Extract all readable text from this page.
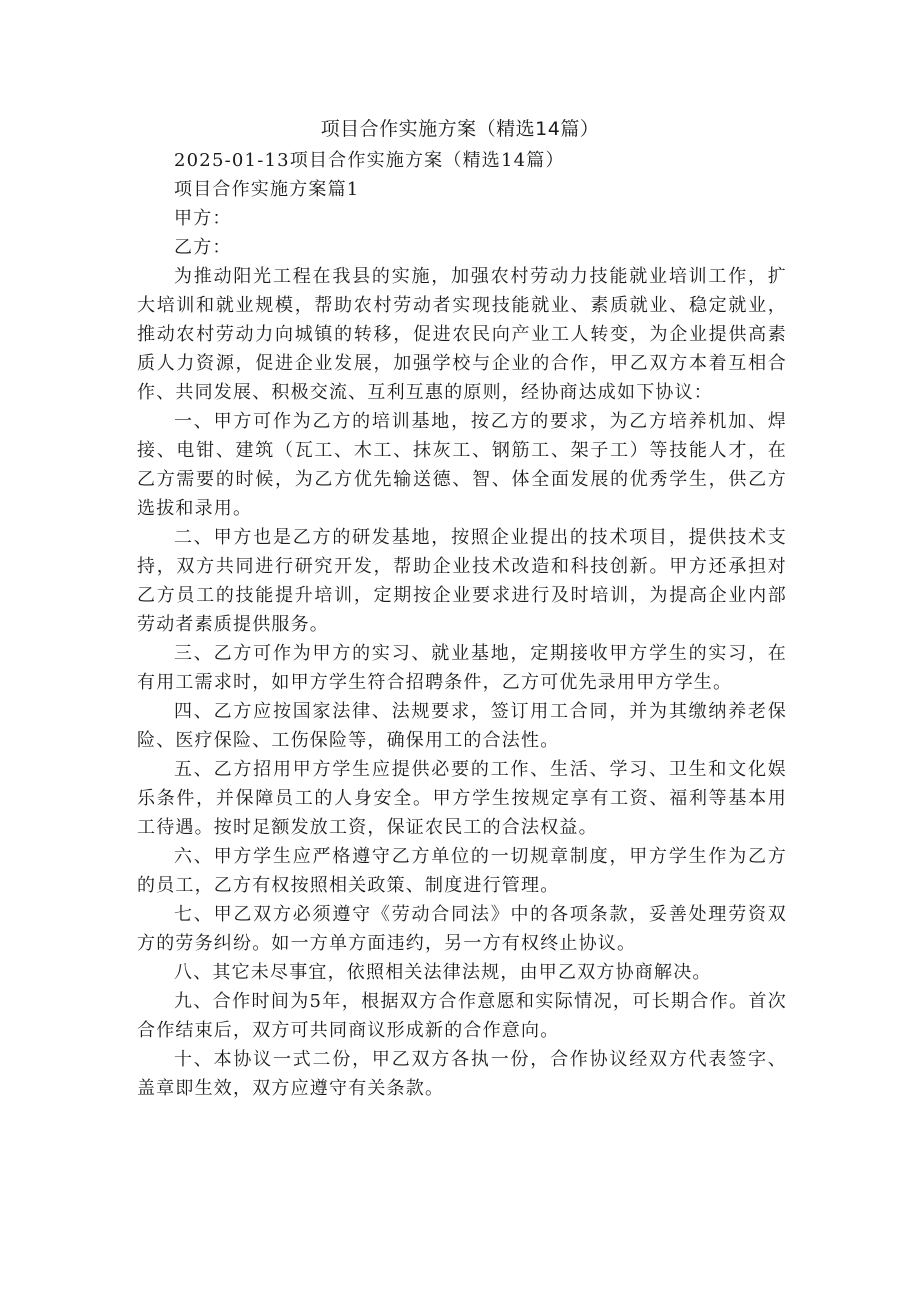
项目合作实施方案（精选14篇）

2025-01-13项目合作实施方案（精选14篇）

项目合作实施方案篇1

甲方：

乙方：

为推动阳光工程在我县的实施，加强农村劳动力技能就业培训工作，扩大培训和就业规模，帮助农村劳动者实现技能就业、素质就业、稳定就业，推动农村劳动力向城镇的转移，促进农民向产业工人转变，为企业提供高素质人力资源，促进企业发展，加强学校与企业的合作，甲乙双方本着互相合作、共同发展、积极交流、互利互惠的原则，经协商达成如下协议：

一、甲方可作为乙方的培训基地，按乙方的要求，为乙方培养机加、焊接、电钳、建筑（瓦工、木工、抹灰工、钢筋工、架子工）等技能人才，在乙方需要的时候，为乙方优先输送德、智、体全面发展的优秀学生，供乙方选拔和录用。

二、甲方也是乙方的研发基地，按照企业提出的技术项目，提供技术支持，双方共同进行研究开发，帮助企业技术改造和科技创新。甲方还承担对乙方员工的技能提升培训，定期按企业要求进行及时培训，为提高企业内部劳动者素质提供服务。

三、乙方可作为甲方的实习、就业基地，定期接收甲方学生的实习，在有用工需求时，如甲方学生符合招聘条件，乙方可优先录用甲方学生。

四、乙方应按国家法律、法规要求，签订用工合同，并为其缴纳养老保险、医疗保险、工伤保险等，确保用工的合法性。

五、乙方招用甲方学生应提供必要的工作、生活、学习、卫生和文化娱乐条件，并保障员工的人身安全。甲方学生按规定享有工资、福利等基本用工待遇。按时足额发放工资，保证农民工的合法权益。

六、甲方学生应严格遵守乙方单位的一切规章制度，甲方学生作为乙方的员工，乙方有权按照相关政策、制度进行管理。

七、甲乙双方必须遵守《劳动合同法》中的各项条款，妥善处理劳资双方的劳务纠纷。如一方单方面违约，另一方有权终止协议。

八、其它未尽事宜，依照相关法律法规，由甲乙双方协商解决。

九、合作时间为5年，根据双方合作意愿和实际情况，可长期合作。首次合作结束后，双方可共同商议形成新的合作意向。

十、本协议一式二份，甲乙双方各执一份，合作协议经双方代表签字、盖章即生效，双方应遵守有关条款。
